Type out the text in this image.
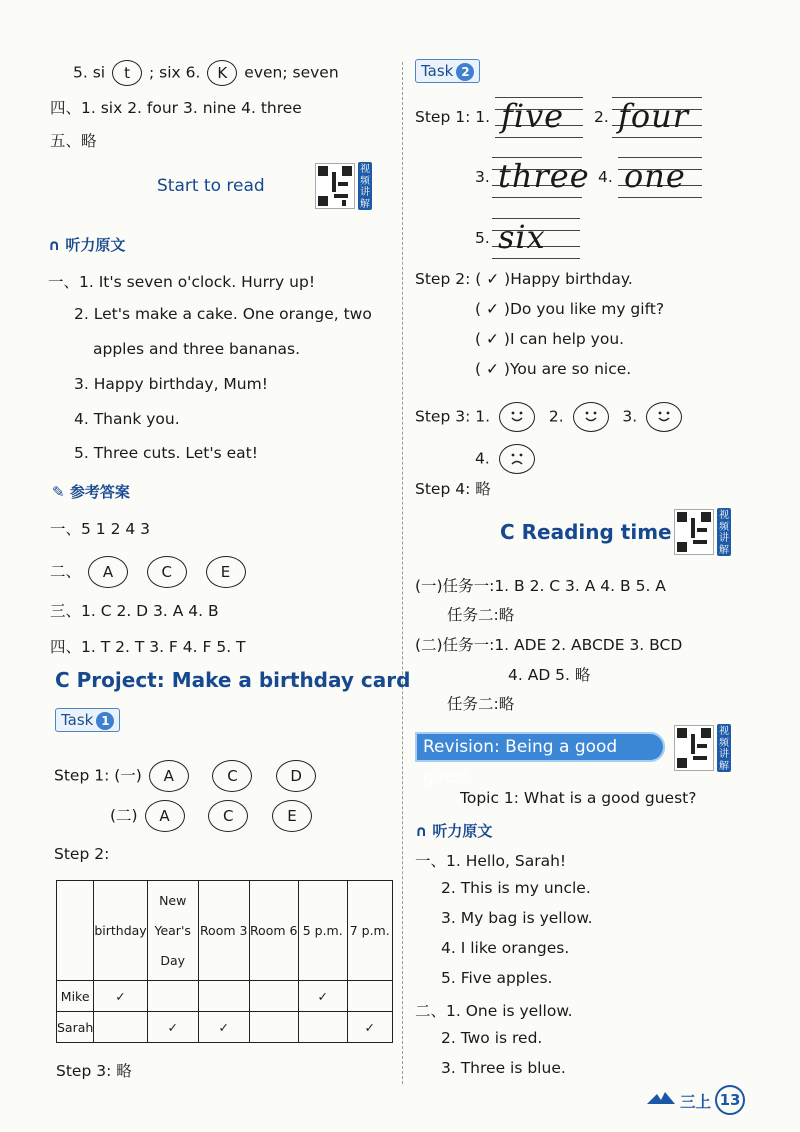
5. si t ; six 6. K even; seven
四、1. six 2. four 3. nine 4. three
五、略
Start to read
视频讲解
∩ 听力原文
一、1. It's seven o'clock. Hurry up!
2. Let's make a cake. One orange, two
apples and three bananas.
3. Happy birthday, Mum!
4. Thank you.
5. Three cuts. Let's eat!
✎ 参考答案
一、5 1 2 4 3
二、 A	C	E
三、1. C 2. D 3. A 4. B
四、1. T 2. T 3. F 4. F 5. T
C Project: Make a birthday card
Task 1
Step 1: (一) A	C	D
(二) A	C	E
Step 2:
	birthday	New
Year's
Day	Room 3	Room 6	5 p.m.	7 p.m.
Mike	✓				✓	
Sarah		✓	✓			✓
Step 3: 略
Task 2
Step 1: 1. five 2. four
3. three 4. one
5. six
Step 2: ( ✓ )Happy birthday.
( ✓ )Do you like my gift?
( ✓ )I can help you.
( ✓ )You are so nice.
Step 3: 1.	2.	3.
4.
Step 4: 略
C Reading time
视频讲解
(一)任务一:1. B 2. C 3. A 4. B 5. A
任务二:略
(二)任务一:1. ADE 2. ABCDE 3. BCD
4. AD 5. 略
任务二:略
Revision: Being a good guest
视频讲解
Topic 1: What is a good guest?
∩ 听力原文
一、1. Hello, Sarah!
2. This is my uncle.
3. My bag is yellow.
4. I like oranges.
5. Five apples.
二、1. One is yellow.
2. Two is red.
3. Three is blue.
三上 13
